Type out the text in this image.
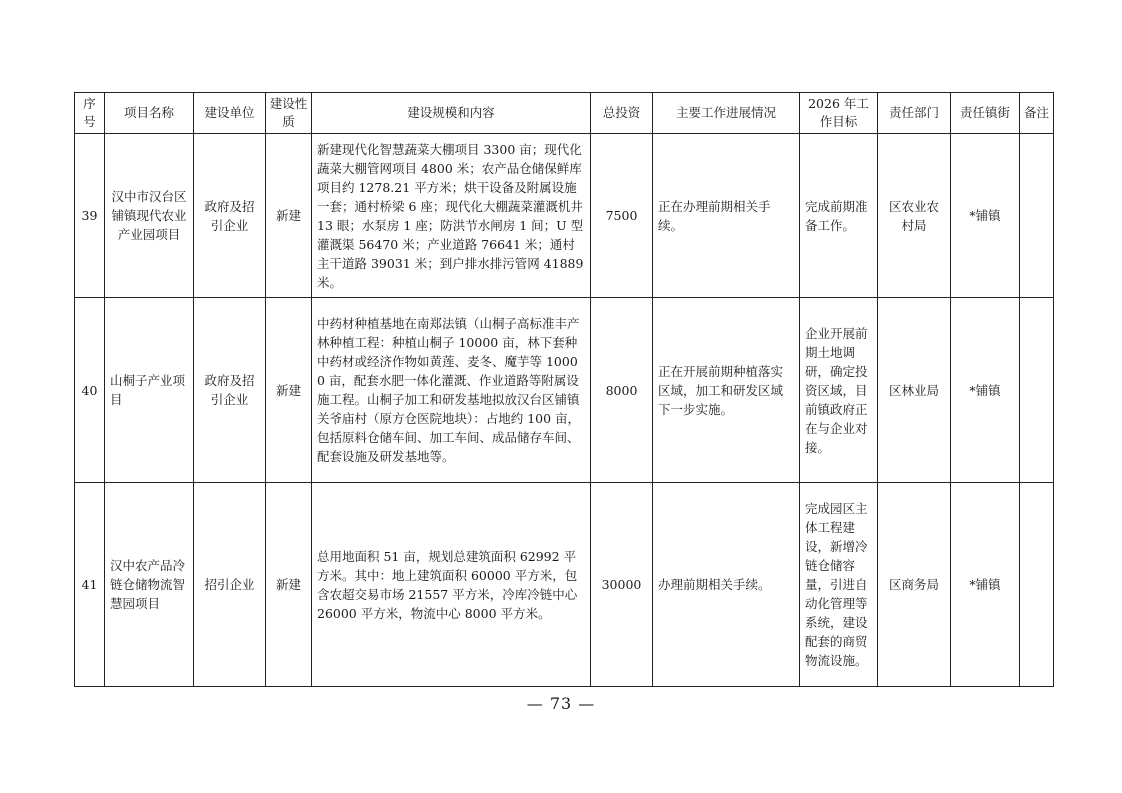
序号	项目名称	建设单位	建设性质	建设规模和内容	总投资	主要工作进展情况	2026 年工作目标	责任部门	责任镇街	备注
39	汉中市汉台区铺镇现代农业产业园项目	政府及招引企业	新建	新建现代化智慧蔬菜大棚项目 3300 亩；现代化蔬菜大棚管网项目 4800 米；农产品仓储保鲜库项目约 1278.21 平方米；烘干设备及附属设施一套；通村桥梁 6 座；现代化大棚蔬菜灌溉机井 13 眼；水泵房 1 座；防洪节水闸房 1 间；U 型灌溉渠 56470 米；产业道路 76641 米；通村主干道路 39031 米；到户排水排污管网 41889 米。	7500	正在办理前期相关手续。	完成前期准备工作。	区农业农村局	*铺镇	
40	山桐子产业项目	政府及招引企业	新建	中药材种植基地在南郑法镇（山桐子高标准丰产林种植工程：种植山桐子 10000 亩，林下套种中药材或经济作物如黄莲、麦冬、魔芋等 10000 亩，配套水肥一体化灌溉、作业道路等附属设施工程。山桐子加工和研发基地拟放汉台区铺镇关爷庙村（原方仓医院地块）：占地约 100 亩，包括原料仓储车间、加工车间、成品储存车间、配套设施及研发基地等。	8000	正在开展前期种植落实区域，加工和研发区域下一步实施。	企业开展前期土地调研，确定投资区域，目前镇政府正在与企业对接。	区林业局	*铺镇	
41	汉中农产品冷链仓储物流智慧园项目	招引企业	新建	总用地面积 51 亩，规划总建筑面积 62992 平方米。其中：地上建筑面积 60000 平方米，包含农超交易市场 21557 平方米，冷库冷链中心 26000 平方米，物流中心 8000 平方米。	30000	办理前期相关手续。	完成园区主体工程建设，新增冷链仓储容量，引进自动化管理等系统，建设配套的商贸物流设施。	区商务局	*铺镇	
— 73 —
